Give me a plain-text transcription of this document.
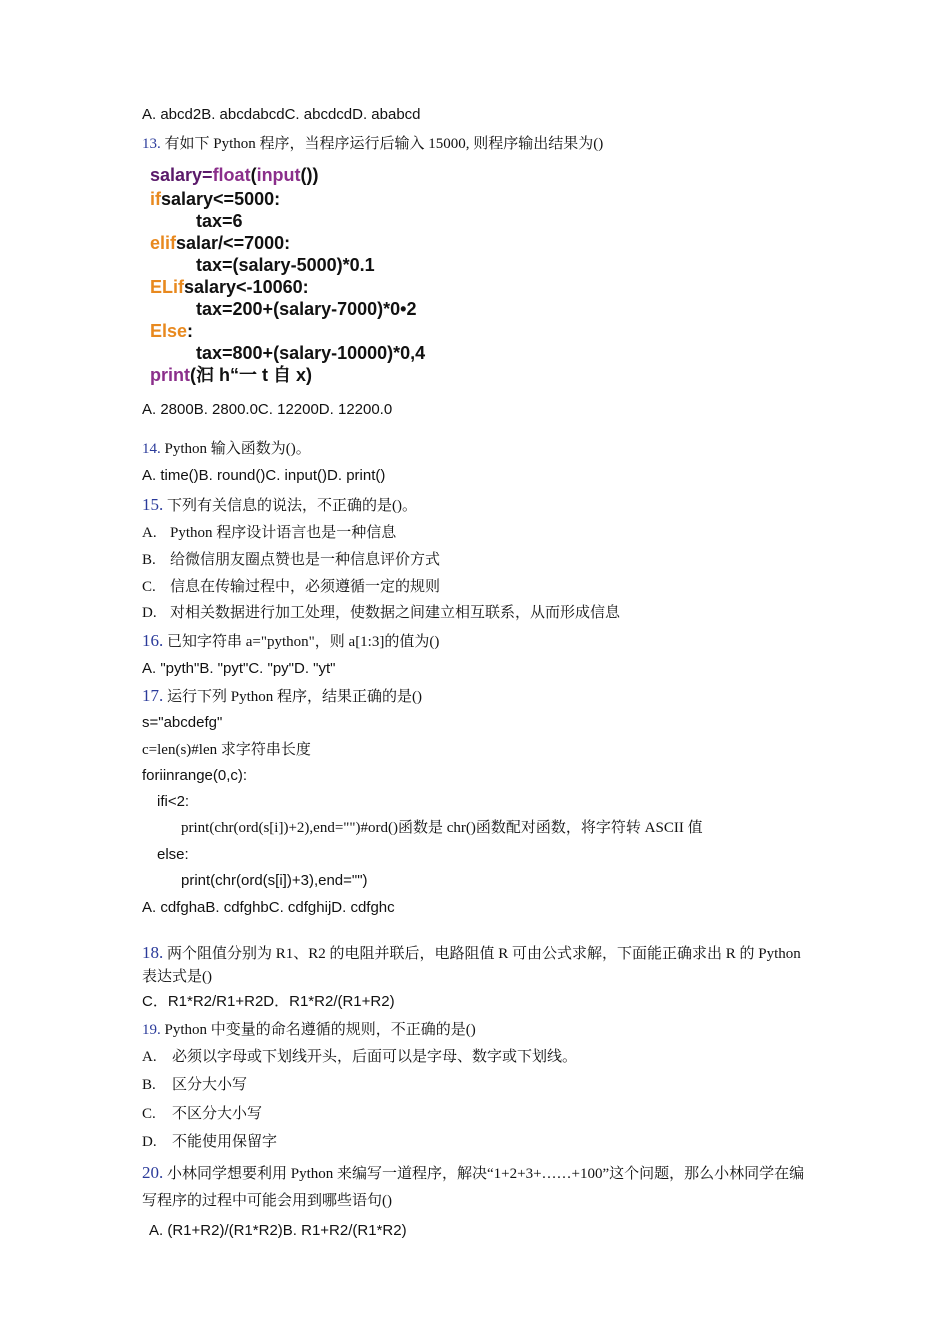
A. abcd2B. abcdabcdC. abcdcdD. ababcd
13. 有如下 Python 程序，当程序运行后输入 15000, 则程序输出结果为()
salary=float(input())
ifsalary<=5000:
tax=6
elifsalar/<=7000:
tax=(salary-5000)*0.1
ELifsalary<-10060:
tax=200+(salary-7000)*0•2
Else:
tax=800+(salary-10000)*0,4
print(汩 h“一 t 自 x)
A. 2800B. 2800.0C. 12200D. 12200.0
14. Python 输入函数为()。
A. time()B. round()C. input()D. print()
15. 下列有关信息的说法，不正确的是()。
A. Python 程序设计语言也是一种信息
B. 给微信朋友圈点赞也是一种信息评价方式
C. 信息在传输过程中，必须遵循一定的规则
D. 对相关数据进行加工处理，使数据之间建立相互联系，从而形成信息
16. 已知字符串 a="python"，则 a[1:3]的值为()
A. "pyth"B. "pyt"C. "py"D. "yt"
17. 运行下列 Python 程序，结果正确的是()
s="abcdefg"
c=len(s)#len 求字符串长度
foriinrange(0,c):
ifi<2:
print(chr(ord(s[i])+2),end="")#ord()函数是 chr()函数配对函数，将字符转 ASCII 值
else:
print(chr(ord(s[i])+3),end="")
A. cdfghaB. cdfghbC. cdfghijD. cdfghc
18. 两个阻值分别为 R1、R2 的电阻并联后，电路阻值 R 可由公式求解，下面能正确求出 R 的 Python 表达式是()
C．R1*R2/R1+R2D．R1*R2/(R1+R2)
19. Python 中变量的命名遵循的规则，不正确的是()
A. 必须以字母或下划线开头，后面可以是字母、数字或下划线。
B. 区分大小写
C. 不区分大小写
D. 不能使用保留字
20. 小林同学想要利用 Python 来编写一道程序，解决“1+2+3+……+100”这个问题，那么小林同学在编写程序的过程中可能会用到哪些语句()
A. (R1+R2)/(R1*R2)B. R1+R2/(R1*R2)
